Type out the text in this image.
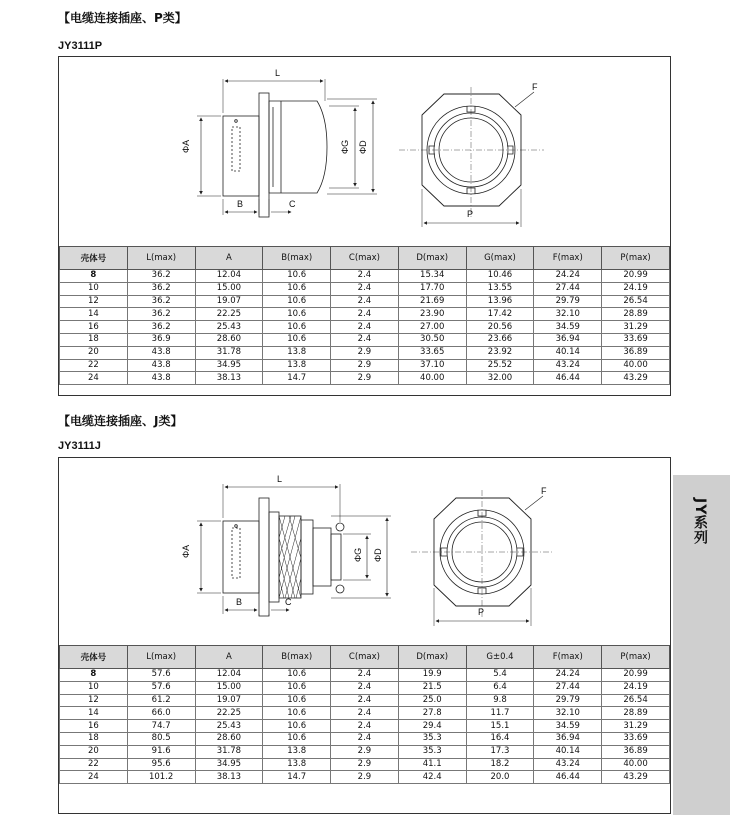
【电缆连接插座、P类】
JY3111P
L
ΦA	ΦG ΦD
B	C
F
P
壳体号	L(max)	A	B(max)	C(max)	D(max)	G(max)	F(max)	P(max)
8	36.2	12.04	10.6	2.4	15.34	10.46	24.24	20.99
10	36.2	15.00	10.6	2.4	17.70	13.55	27.44	24.19
12	36.2	19.07	10.6	2.4	21.69	13.96	29.79	26.54
14	36.2	22.25	10.6	2.4	23.90	17.42	32.10	28.89
16	36.2	25.43	10.6	2.4	27.00	20.56	34.59	31.29
18	36.9	28.60	10.6	2.4	30.50	23.66	36.94	33.69
20	43.8	31.78	13.8	2.9	33.65	23.92	40.14	36.89
22	43.8	34.95	13.8	2.9	37.10	25.52	43.24	40.00
24	43.8	38.13	14.7	2.9	40.00	32.00	46.44	43.29
【电缆连接插座、J类】
JY3111J
L
ΦA	ΦG ΦD
B	C
F
P
壳体号	L(max)	A	B(max)	C(max)	D(max)	G±0.4	F(max)	P(max)
8	57.6	12.04	10.6	2.4	19.9	5.4	24.24	20.99
10	57.6	15.00	10.6	2.4	21.5	6.4	27.44	24.19
12	61.2	19.07	10.6	2.4	25.0	9.8	29.79	26.54
14	66.0	22.25	10.6	2.4	27.8	11.7	32.10	28.89
16	74.7	25.43	10.6	2.4	29.4	15.1	34.59	31.29
18	80.5	28.60	10.6	2.4	35.3	16.4	36.94	33.69
20	91.6	31.78	13.8	2.9	35.3	17.3	40.14	36.89
22	95.6	34.95	13.8	2.9	41.1	18.2	43.24	40.00
24	101.2	38.13	14.7	2.9	42.4	20.0	46.44	43.29
JY系列
